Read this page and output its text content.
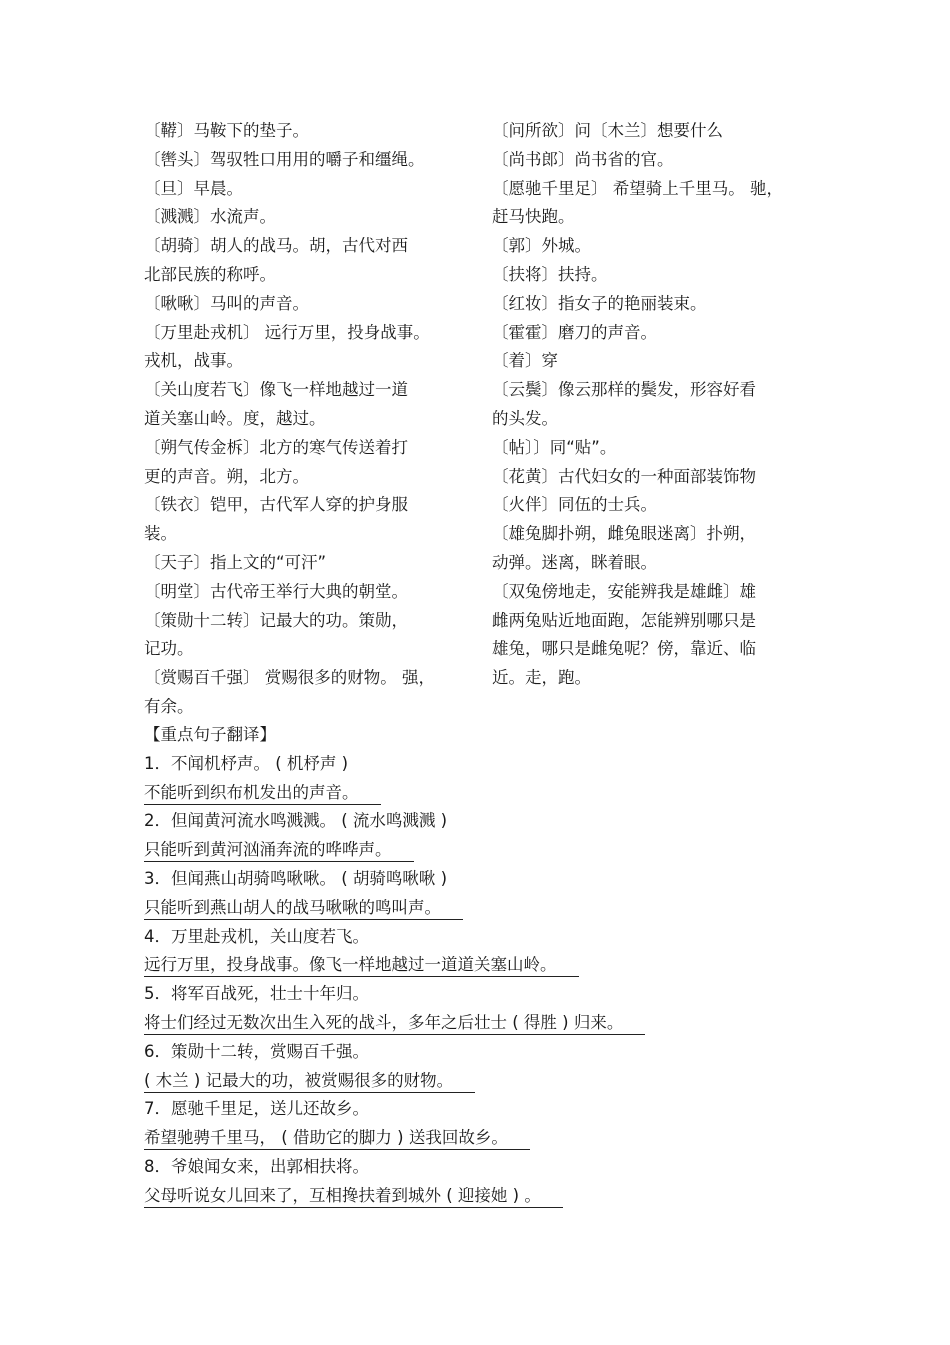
〔鞯〕马鞍下的垫子。

〔辔头〕驾驭牲口用用的嚼子和缰绳。

〔旦〕早晨。

〔溅溅〕水流声。

〔胡骑〕胡人的战马。胡，古代对西

北部民族的称呼。

〔啾啾〕马叫的声音。

〔万里赴戎机〕 远行万里，投身战事。

戎机，战事。

〔关山度若飞〕像飞一样地越过一道

道关塞山岭。度，越过。

〔朔气传金柝〕北方的寒气传送着打

更的声音。朔，北方。

〔铁衣〕铠甲，古代军人穿的护身服

装。

〔天子〕指上文的“可汗”

〔明堂〕古代帝王举行大典的朝堂。

〔策勋十二转〕记最大的功。策勋，

记功。

〔赏赐百千强〕 赏赐很多的财物。 强，

有余。

〔问所欲〕问〔木兰〕想要什么

〔尚书郎〕尚书省的官。

〔愿驰千里足〕 希望骑上千里马。 驰，

赶马快跑。

〔郭〕外城。

〔扶将〕扶持。

〔红妆〕指女子的艳丽装束。

〔霍霍〕磨刀的声音。

〔着〕穿

〔云鬓〕像云那样的鬓发，形容好看

的头发。

〔帖〕〕同“贴”。

〔花黄〕古代妇女的一种面部装饰物

〔火伴〕同伍的士兵。

〔雄兔脚扑朔，雌兔眼迷离〕扑朔，

动弹。迷离，眯着眼。

〔双兔傍地走，安能辨我是雄雌〕雄

雌两兔贴近地面跑，怎能辨别哪只是

雄兔，哪只是雌兔呢？傍，靠近、临

近。走，跑。

【重点句子翻译】

1．不闻机杼声。 ( 机杼声 )

不能听到织布机发出的声音。

2．但闻黄河流水鸣溅溅。 ( 流水鸣溅溅 )

只能听到黄河汹涌奔流的哗哗声。

3．但闻燕山胡骑鸣啾啾。 ( 胡骑鸣啾啾 )

只能听到燕山胡人的战马啾啾的鸣叫声。

4．万里赴戎机，关山度若飞。

远行万里，投身战事。像飞一样地越过一道道关塞山岭。

5．将军百战死，壮士十年归。

将士们经过无数次出生入死的战斗，多年之后壮士 ( 得胜 ) 归来。

6．策勋十二转，赏赐百千强。

( 木兰 ) 记最大的功，被赏赐很多的财物。

7．愿驰千里足，送儿还故乡。

希望驰骋千里马， ( 借助它的脚力 ) 送我回故乡。

8．爷娘闻女来，出郭相扶将。

父母听说女儿回来了，互相搀扶着到城外 ( 迎接她 ) 。
